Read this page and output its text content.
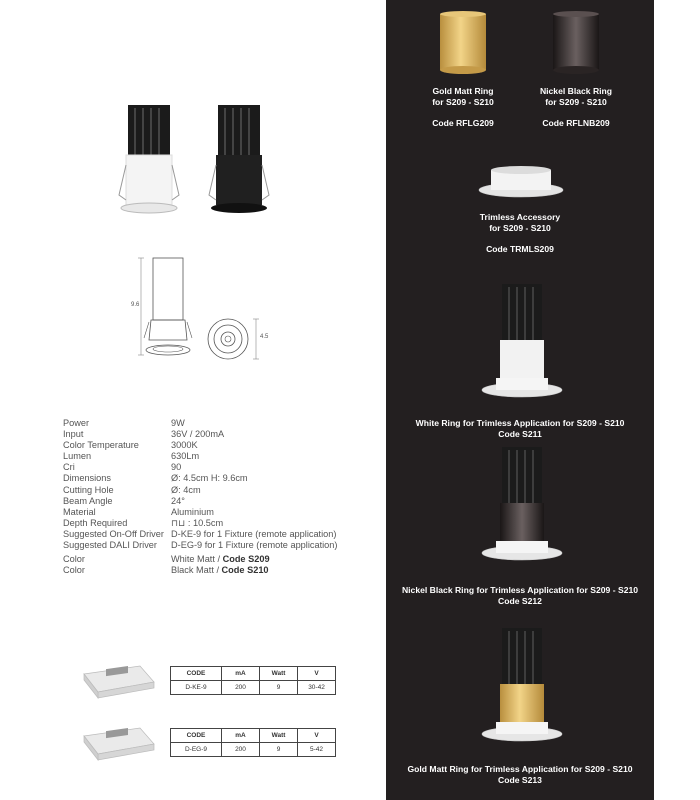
9.6
4.5
Power	9W
Input	36V / 200mA
Color Temperature	3000K
Lumen	630Lm
Cri	90
Dimensions	Ø: 4.5cm H: 9.6cm
Cutting Hole	Ø: 4cm
Beam Angle	24°
Material	Aluminium
Depth Required	⊓⊔ : 10.5cm
Suggested On-Off Driver D-KE-9 for 1 Fixture (remote application)
Suggested DALI Driver	D-EG-9 for 1 Fixture (remote application)
Color	White Matt / Code S209
Color	Black Matt / Code S210
CODE	mA	Watt	V
D-KE-9	200	9	30-42
CODE	mA	Watt	V
D-EG-9	200	9	5-42
Gold Matt Ring
for S209 - S210
Code RFLG209
Nickel Black Ring
for S209 - S210
Code RFLNB209
Trimless Accessory
for S209 - S210
Code TRMLS209
White Ring for Trimless Application for S209 - S210
Code S211
Nickel Black Ring for Trimless Application for S209 - S210
Code S212
Gold Matt Ring for Trimless Application for S209 - S210
Code S213
